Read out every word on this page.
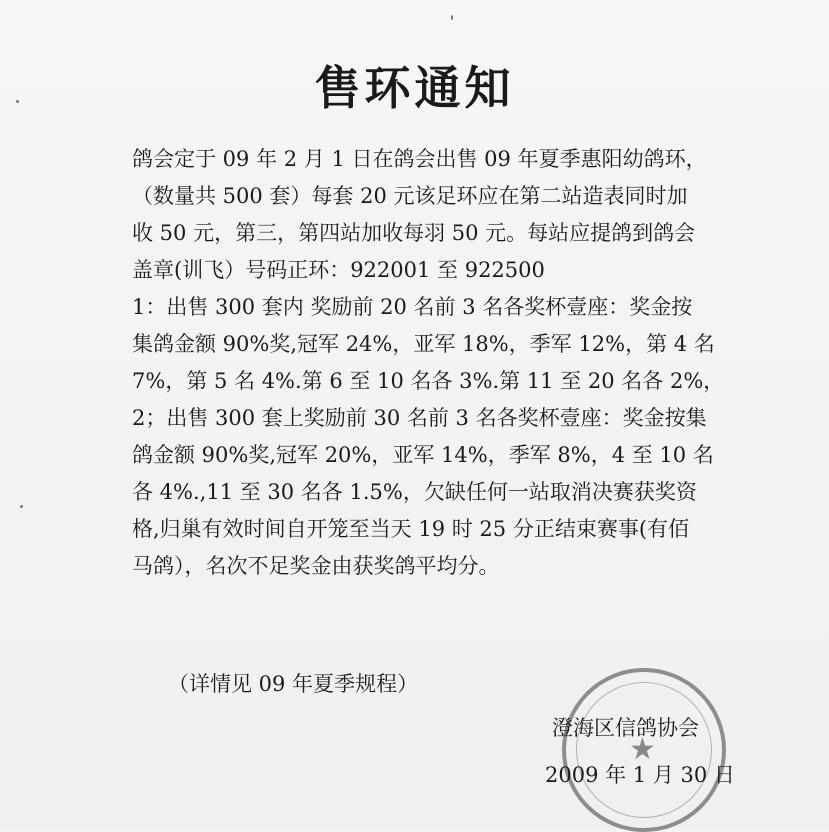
售环通知
鸽会定于 09 年 2 月 1 日在鸽会出售 09 年夏季惠阳幼鸽环，
（数量共 500 套）每套 20 元该足环应在第二站造表同时加
收 50 元，第三，第四站加收每羽 50 元。每站应提鸽到鸽会
盖章(训飞）号码正环：922001 至 922500
1：出售 300 套内 奖励前 20 名前 3 名各奖杯壹座：奖金按
集鸽金额 90%奖,冠军 24%，亚军 18%，季军 12%，第 4 名
7%，第 5 名 4%.第 6 至 10 名各 3%.第 11 至 20 名各 2%，
2；出售 300 套上奖励前 30 名前 3 名各奖杯壹座：奖金按集
鸽金额 90%奖,冠军 20%，亚军 14%，季军 8%，4 至 10 名
各 4%.,11 至 30 名各 1.5%，欠缺任何一站取消决赛获奖资
格,归巢有效时间自开笼至当天 19 时 25 分正结束赛事(有佰
马鸽），名次不足奖金由获奖鸽平均分。
（详情见 09 年夏季规程）
★
澄海区信鸽协会
2009 年 1 月 30 日
